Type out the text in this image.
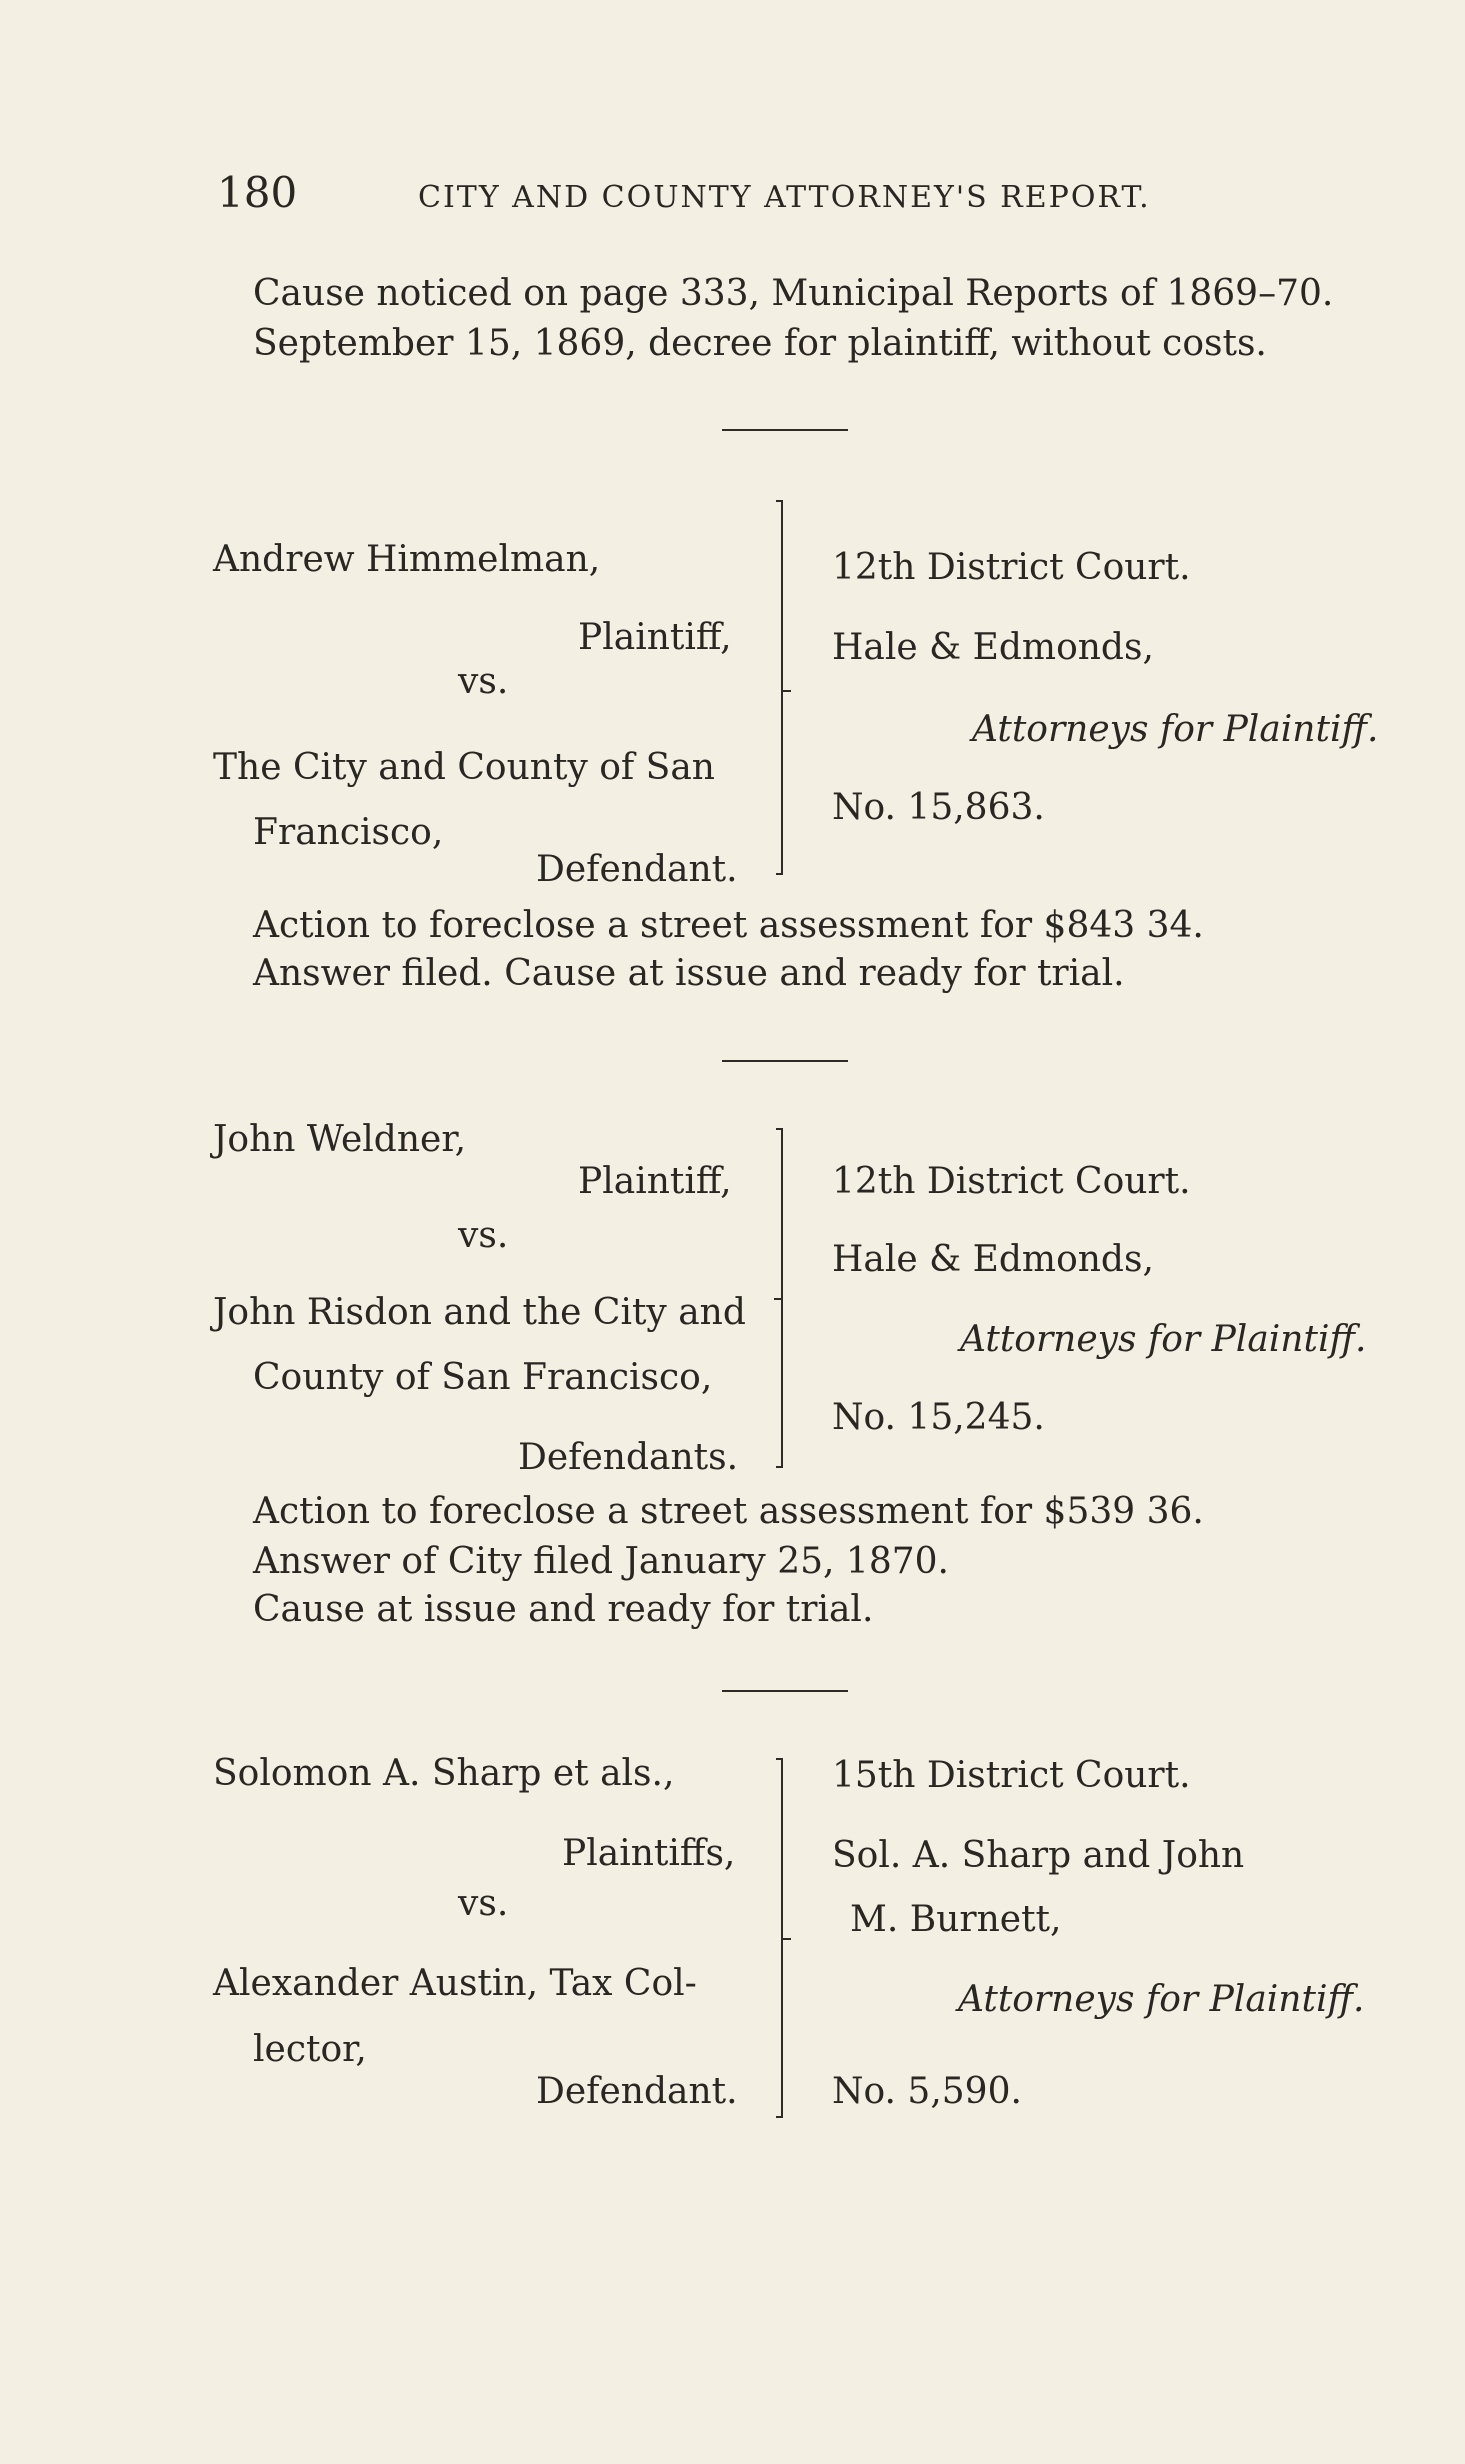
180	CITY AND COUNTY ATTORNEY'S REPORT.
Cause noticed on page 333, Municipal Reports of 1869–70.
September 15, 1869, decree for plaintiff, without costs.
Andrew Himmelman,
Plaintiff,
vs.
The City and County of San
Francisco,
Defendant.
12th District Court.
Hale & Edmonds,
Attorneys for Plaintiff.
No. 15,863.
Action to foreclose a street assessment for $843 34.
Answer filed. Cause at issue and ready for trial.
John Weldner,
Plaintiff,
vs.
John Risdon and the City and
County of San Francisco,
Defendants.
12th District Court.
Hale & Edmonds,
Attorneys for Plaintiff.
No. 15,245.
Action to foreclose a street assessment for $539 36.
Answer of City filed January 25, 1870.
Cause at issue and ready for trial.
Solomon A. Sharp et als.,
Plaintiffs,
vs.
Alexander Austin, Tax Col-
lector,
Defendant.
15th District Court.
Sol. A. Sharp and John
M. Burnett,
Attorneys for Plaintiff.
No. 5,590.
